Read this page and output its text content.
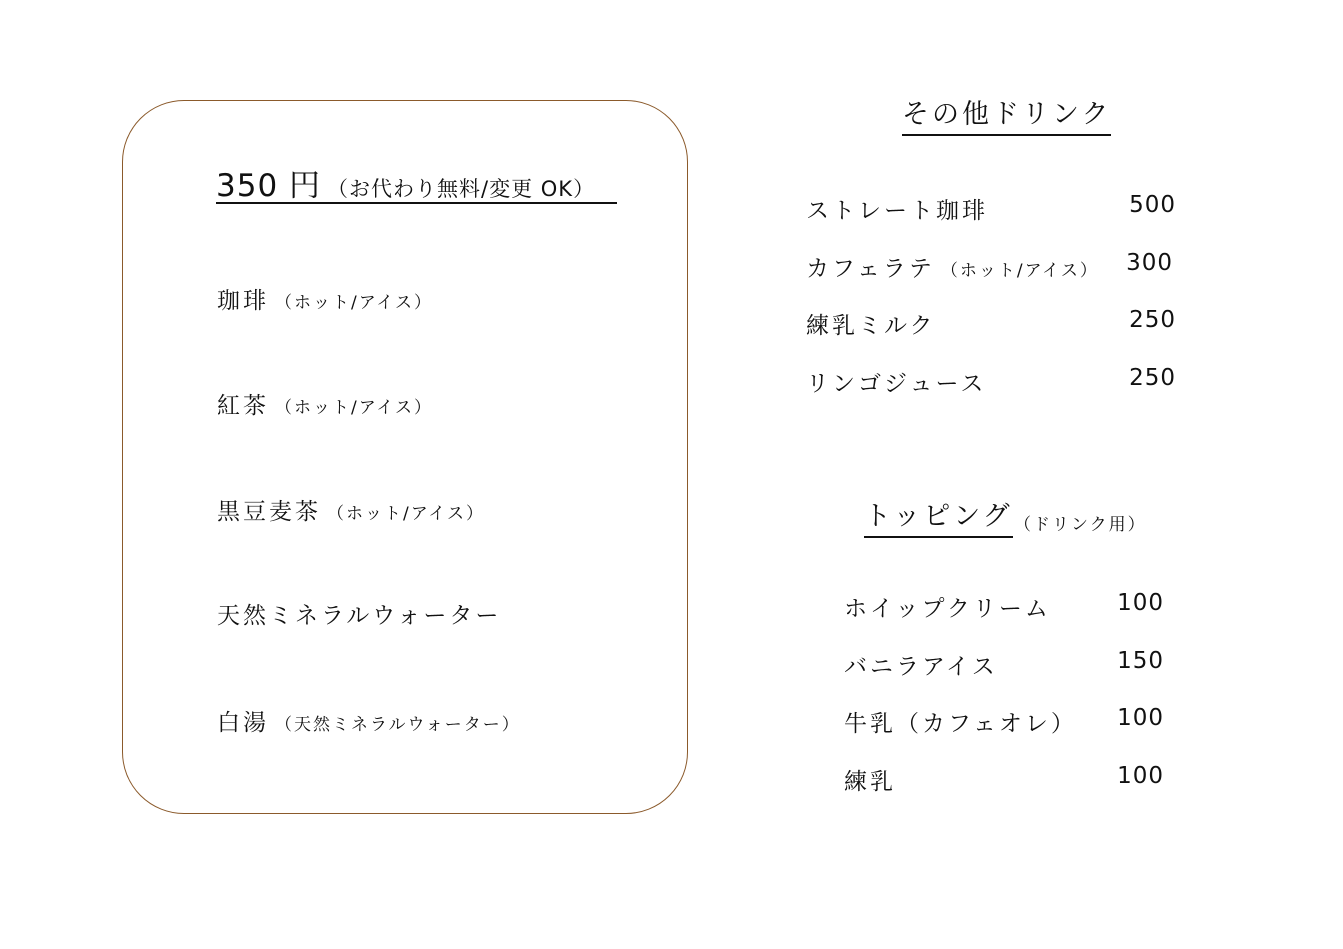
350 円 （お代わり無料/変更 OK）
珈琲 （ホット/アイス）
紅茶 （ホット/アイス）
黒豆麦茶 （ホット/アイス）
天然ミネラルウォーター
白湯 （天然ミネラルウォーター）
その他ドリンク
ストレート珈琲	500
カフェラテ （ホット/アイス）	300
練乳ミルク	250
リンゴジュース	250
トッピング （ドリンク用）
ホイップクリーム	100
バニラアイス	150
牛乳（カフェオレ）	100
練乳	100
